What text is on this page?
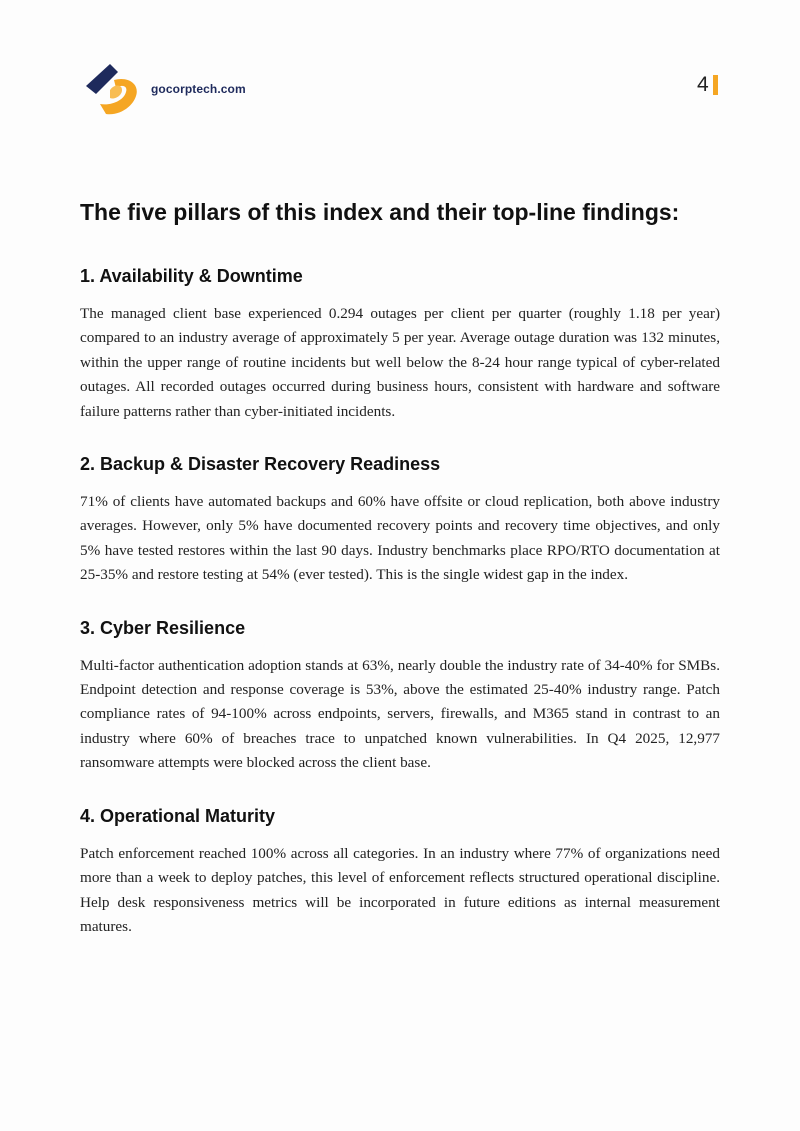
gocorptech.com	4
The five pillars of this index and their top-line findings:
1. Availability & Downtime

The managed client base experienced 0.294 outages per client per quarter (roughly 1.18 per year) compared to an industry average of approximately 5 per year. Average outage duration was 132 minutes, within the upper range of routine incidents but well below the 8-24 hour range typical of cyber-related outages. All recorded outages occurred during business hours, consistent with hardware and software failure patterns rather than cyber-initiated incidents.

2. Backup & Disaster Recovery Readiness

71% of clients have automated backups and 60% have offsite or cloud replication, both above industry averages. However, only 5% have documented recovery points and recovery time objectives, and only 5% have tested restores within the last 90 days. Industry benchmarks place RPO/RTO documentation at 25-35% and restore testing at 54% (ever tested). This is the single widest gap in the index.

3. Cyber Resilience

Multi-factor authentication adoption stands at 63%, nearly double the industry rate of 34-40% for SMBs. Endpoint detection and response coverage is 53%, above the estimated 25-40% industry range. Patch compliance rates of 94-100% across endpoints, servers, firewalls, and M365 stand in contrast to an industry where 60% of breaches trace to unpatched known vulnerabilities. In Q4 2025, 12,977 ransomware attempts were blocked across the client base.

4. Operational Maturity

Patch enforcement reached 100% across all categories. In an industry where 77% of organizations need more than a week to deploy patches, this level of enforcement reflects structured operational discipline. Help desk responsiveness metrics will be incorporated in future editions as internal measurement matures.
